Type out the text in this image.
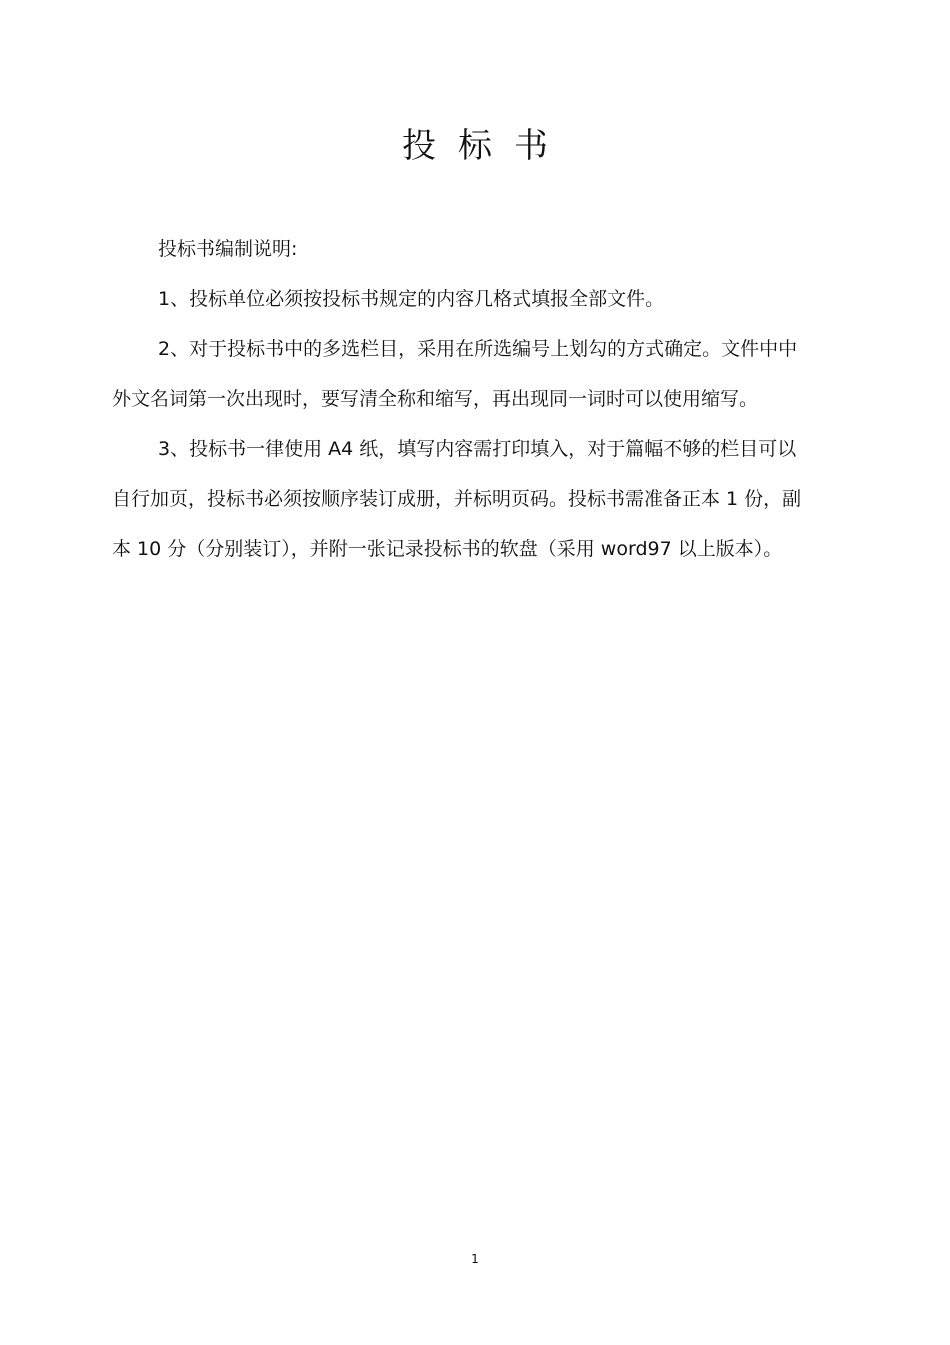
投标书

投标书编制说明:

1、投标单位必须按投标书规定的内容几格式填报全部文件。

2、对于投标书中的多选栏目，采用在所选编号上划勾的方式确定。文件中中外文名词第一次出现时，要写清全称和缩写，再出现同一词时可以使用缩写。

3、投标书一律使用 A4 纸，填写内容需打印填入，对于篇幅不够的栏目可以自行加页，投标书必须按顺序装订成册，并标明页码。投标书需准备正本 1 份，副本 10 分（分别装订），并附一张记录投标书的软盘（采用 word97 以上版本）。

1
